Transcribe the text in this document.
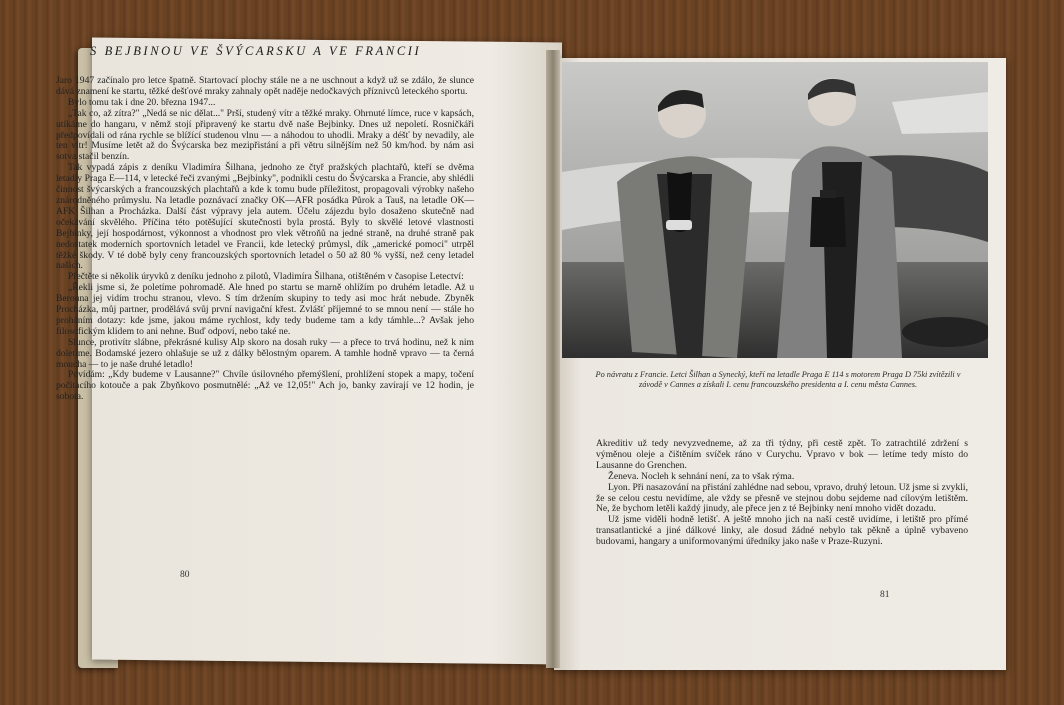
S BEJBINOU VE ŠVÝCARSKU A VE FRANCII

Jaro 1947 začínalo pro letce špatně. Startovací plochy stále ne a ne uschnout a když už se zdálo, že slunce dává znamení ke startu, těžké dešťové mraky zahnaly opět naděje nedočkavých příznivců leteckého sportu.

Bylo tomu tak i dne 20. března 1947...

„Tak co, až zítra?" „Nedá se nic dělat..." Prší, studený vítr a těžké mraky. Ohrnuté límce, ruce v kapsách, utíkáme do hangaru, v němž stojí připravený ke startu dvě naše Bejbinky. Dnes už nepoletí. Rosničkáři předpovídali od rána rychle se blížící studenou vlnu — a náhodou to uhodli. Mraky a déšť by nevadily, ale ten vítr! Musíme letět až do Švýcarska bez mezipřistání a při větru silnějším než 50 km/hod. by nám asi sotva stačil benzín.

Tak vypadá zápis z deníku Vladimíra Šilhana, jednoho ze čtyř pražských plachtařů, kteří se dvěma letadly Praga E—114, v letecké řeči zvanými „Bejbinky", podnikli cestu do Švýcarska a Francie, aby shlédli činnost švýcarských a francouzských plachtařů a kde k tomu bude příležitost, propagovali výrobky našeho znárodněného průmyslu. Na letadle poznávací značky OK—AFR posádka Půrok a Tauš, na letadle OK—AFK Šilhan a Procházka. Další část výpravy jela autem. Účelu zájezdu bylo dosaženo skutečně nad očekávání skvělého. Příčina této potěšující skutečnosti byla prostá. Byly to skvělé letové vlastnosti Bejbinky, její hospodárnost, výkonnost a vhodnost pro vlek větroňů na jedné straně, na druhé straně pak nedostatek moderních sportovních letadel ve Francii, kde letecký průmysl, dík „americké pomoci" utrpěl těžké škody. V té době byly ceny francouzských sportovních letadel o 50 až 80 % vyšší, než ceny letadel našich.

Přečtěte si několik úryvků z deníku jednoho z pilotů, Vladimíra Šilhana, otištěném v časopise Letectví:

„Řekli jsme si, že poletíme pohromadě. Ale hned po startu se marně ohlížím po druhém letadle. Až u Berouna jej vidím trochu stranou, vlevo. S tím držením skupiny to tedy asi moc hrát nebude. Zbyněk Procházka, můj partner, prodělává svůj první navigační křest. Zvlášť příjemné to se mnou není — stále ho proháním dotazy: kde jsme, jakou máme rychlost, kdy tedy budeme tam a kdy támhle...? Avšak jeho filosofickým klidem to ani nehne. Buď odpoví, nebo také ne.

Slunce, protivítr slábne, překrásné kulisy Alp skoro na dosah ruky — a přece to trvá hodinu, než k nim doletíme. Bodamské jezero ohlašuje se už z dálky bělostným oparem. A tamhle hodně vpravo — ta černá moucha — to je naše druhé letadlo!

Povídám: „Kdy budeme v Lausanne?" Chvíle úsilovného přemýšlení, prohlížení stopek a mapy, točení počítacího kotouče a pak Zbyňkovo posmutnělé: „Až ve 12,05!" Ach jo, banky zavírají ve 12 hodin, je sobota.

80
Po návratu z Francie. Letci Šilhan a Synecký, kteří na letadle Praga E 114 s motorem Praga D 75ki zvítězili v závodě v Cannes a získali I. cenu francouzského presidenta a I. cenu města Cannes.

Akreditiv už tedy nevyzvedneme, až za tři týdny, při cestě zpět. To zatrachtilé zdržení s výměnou oleje a čištěním svíček ráno v Curychu. Vpravo v bok — letíme tedy místo do Lausanne do Grenchen.

Ženeva. Nocleh k sehnání není, za to však rýma.

Lyon. Při nasazování na přistání zahlédne nad sebou, vpravo, druhý letoun. Už jsme si zvykli, že se celou cestu nevidíme, ale vždy se přesně ve stejnou dobu sejdeme nad cílovým letištěm. Ne, že bychom letěli každý jinudy, ale přece jen z té Bejbinky není mnoho vidět dozadu.

Už jsme viděli hodně letišť. A ještě mnoho jich na naší cestě uvidíme, i letiště pro přímé transatlantické a jiné dálkové linky, ale dosud žádné nebylo tak pěkně a úplně vybaveno budovami, hangary a uniformovanými úředníky jako naše v Praze-Ruzyni.

81
